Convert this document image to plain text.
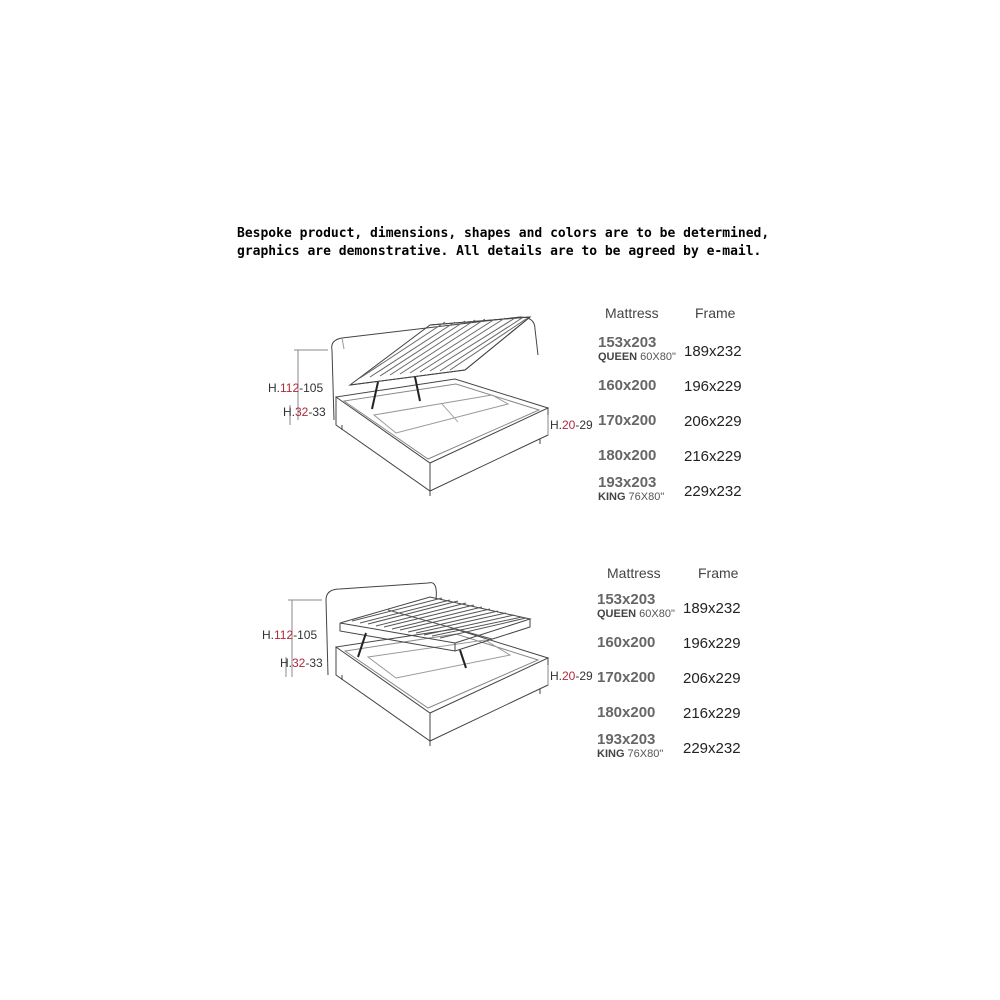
Bespoke product, dimensions, shapes and colors are to be determined,
graphics are demonstrative. All details are to be agreed by e-mail.
H.112-105
H.32-33
H.20-29
Mattress	Frame
153x203
QUEEN 60X80" 189x232
160x200 196x229
170x200 206x229
180x200 216x229
193x203
KING 76X80" 229x232
H.112-105
H.32-33
H.20-29
Mattress	Frame
153x203
QUEEN 60X80" 189x232
160x200 196x229
170x200 206x229
180x200 216x229
193x203
KING 76X80" 229x232
